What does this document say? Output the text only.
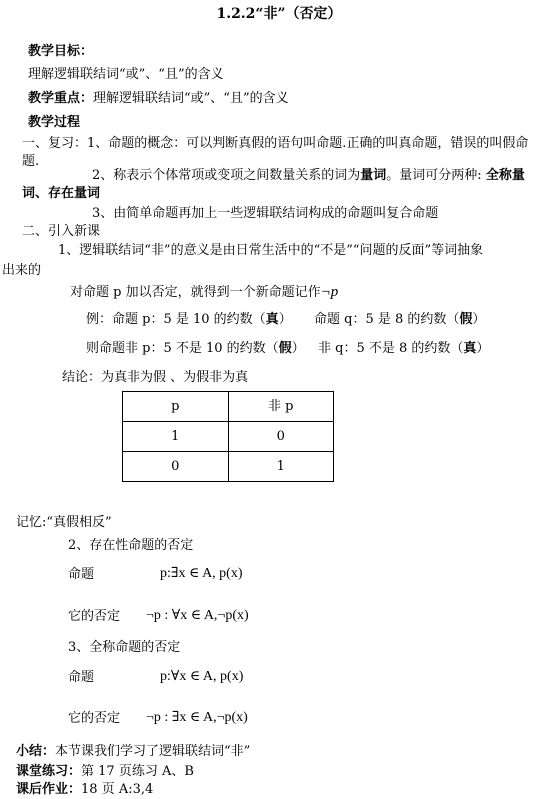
1.2.2“非”（否定）
教学目标：
理解逻辑联结词“或”、“且”的含义
教学重点：理解逻辑联结词“或”、“且”的含义
教学过程
一、复习：1、命题的概念：可以判断真假的语句叫命题.正确的叫真命题，错误的叫假命
题.
2、称表示个体常项或变项之间数量关系的词为量词。量词可分两种: 全称量
词、存在量词
3、由简单命题再加上一些逻辑联结词构成的命题叫复合命题
二、引入新课
1、逻辑联结词“非”的意义是由日常生活中的“不是”“问题的反面”等词抽象
出来的
对命题 p 加以否定，就得到一个新命题记作¬p
例：命题 p：5 是 10 的约数（真） 命题 q：5 是 8 的约数（假）
则命题非 p：5 不是 10 的约数（假） 非 q：5 不是 8 的约数（真）
结论：为真非为假 、为假非为真
p	非 p
1	0
0	1
记忆:“真假相反”
2、存在性命题的否定
命题	p:∃x ∈ A, p(x)
它的否定 ¬p : ∀x ∈ A,¬p(x)
3、全称命题的否定
命题	p:∀x ∈ A, p(x)
它的否定 ¬p : ∃x ∈ A,¬p(x)
小结：本节课我们学习了逻辑联结词“非”
课堂练习：第 17 页练习 A、B
课后作业：18 页 A:3,4
